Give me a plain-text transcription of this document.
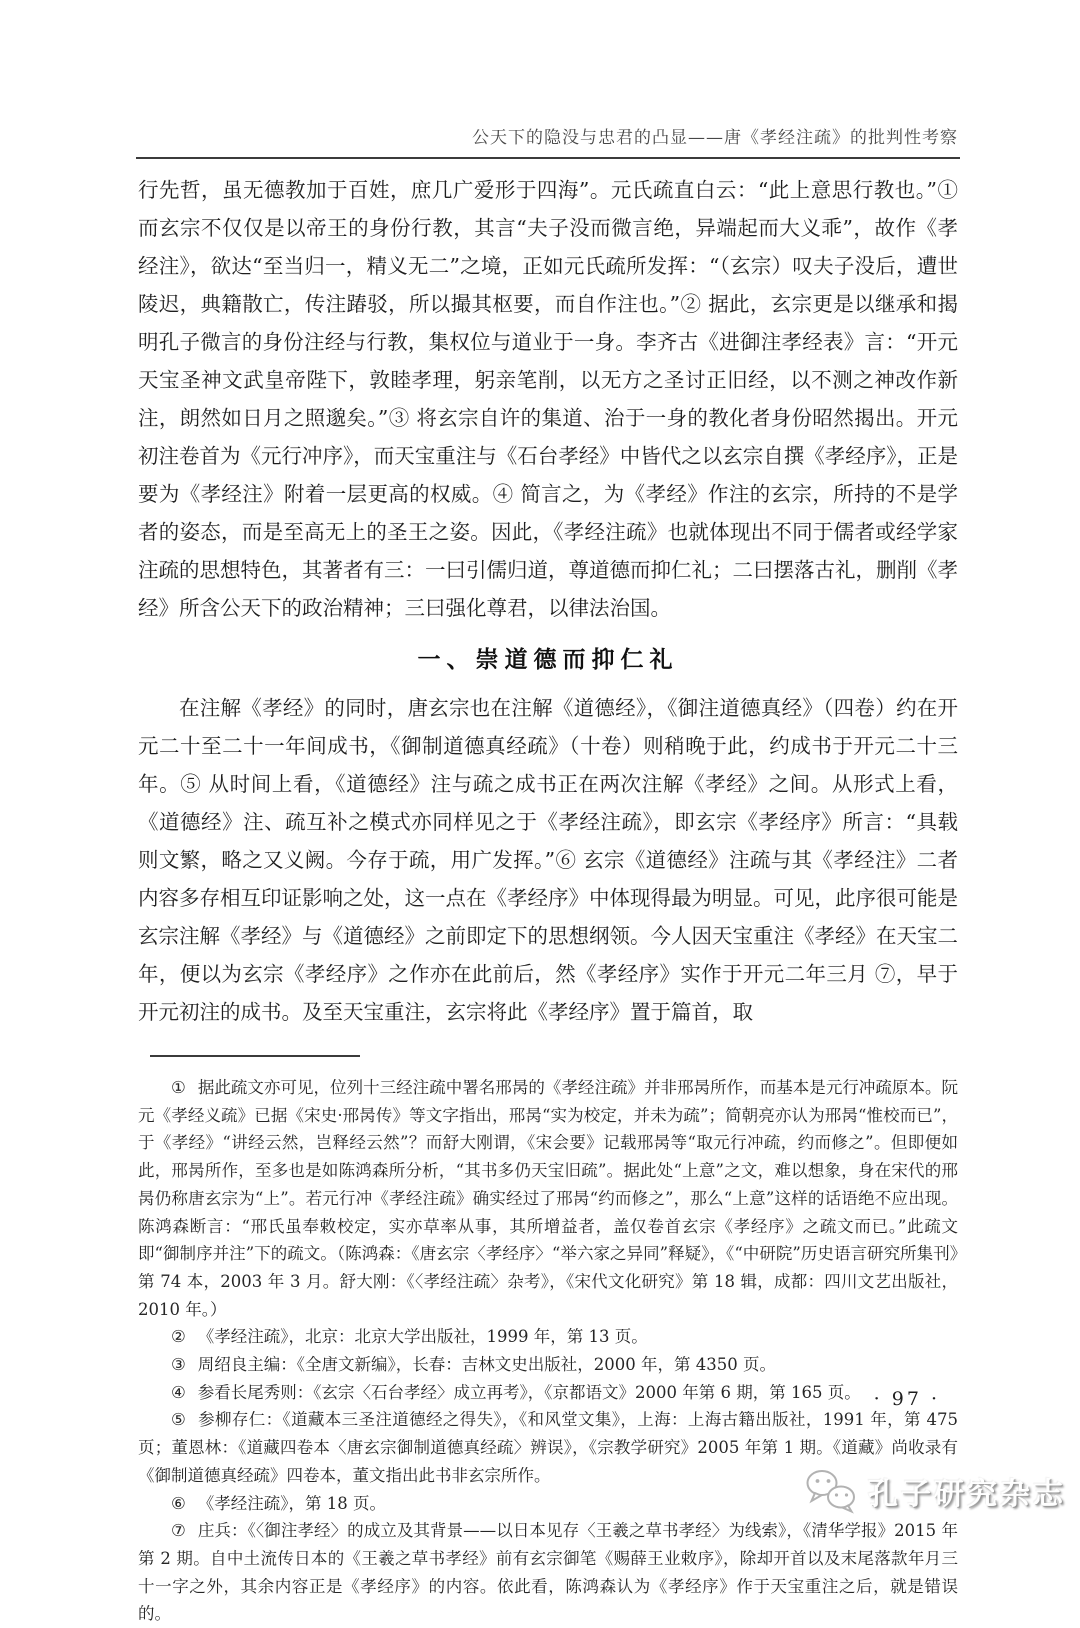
公天下的隐没与忠君的凸显——唐《孝经注疏》的批判性考察

行先哲，虽无德教加于百姓，庶几广爱形于四海”。元氏疏直白云：“此上意思行教也。”① 而玄宗不仅仅是以帝王的身份行教，其言“夫子没而微言绝，异端起而大义乖”，故作《孝经注》，欲达“至当归一，精义无二”之境，正如元氏疏所发挥：“（玄宗）叹夫子没后，遭世陵迟，典籍散亡，传注踳驳，所以撮其枢要，而自作注也。”② 据此，玄宗更是以继承和揭明孔子微言的身份注经与行教，集权位与道业于一身。李齐古《进御注孝经表》言：“开元天宝圣神文武皇帝陛下，敦睦孝理，躬亲笔削，以无方之圣讨正旧经，以不测之神改作新注，朗然如日月之照邈矣。”③ 将玄宗自许的集道、治于一身的教化者身份昭然揭出。开元初注卷首为《元行冲序》，而天宝重注与《石台孝经》中皆代之以玄宗自撰《孝经序》，正是要为《孝经注》附着一层更高的权威。④ 简言之，为《孝经》作注的玄宗，所持的不是学者的姿态，而是至高无上的圣王之姿。因此，《孝经注疏》也就体现出不同于儒者或经学家注疏的思想特色，其著者有三：一曰引儒归道，尊道德而抑仁礼；二曰摆落古礼，删削《孝经》所含公天下的政治精神；三曰强化尊君，以律法治国。

一、崇道德而抑仁礼

在注解《孝经》的同时，唐玄宗也在注解《道德经》，《御注道德真经》（四卷）约在开元二十至二十一年间成书，《御制道德真经疏》（十卷）则稍晚于此，约成书于开元二十三年。⑤ 从时间上看，《道德经》注与疏之成书正在两次注解《孝经》之间。从形式上看，《道德经》注、疏互补之模式亦同样见之于《孝经注疏》，即玄宗《孝经序》所言：“具载则文繁，略之又义阙。今存于疏，用广发挥。”⑥ 玄宗《道德经》注疏与其《孝经注》二者内容多存相互印证影响之处，这一点在《孝经序》中体现得最为明显。可见，此序很可能是玄宗注解《孝经》与《道德经》之前即定下的思想纲领。今人因天宝重注《孝经》在天宝二年，便以为玄宗《孝经序》之作亦在此前后，然《孝经序》实作于开元二年三月 ⑦，早于开元初注的成书。及至天宝重注，玄宗将此《孝经序》置于篇首，取

① 据此疏文亦可见，位列十三经注疏中署名邢昺的《孝经注疏》并非邢昺所作，而基本是元行冲疏原本。阮元《孝经义疏》已据《宋史·邢昺传》等文字指出，邢昺“实为校定，并未为疏”；简朝亮亦认为邢昺“惟校而已”，于《孝经》“讲经云然，岂释经云然”？而舒大刚谓，《宋会要》记载邢昺等“取元行冲疏，约而修之”。但即便如此，邢昺所作，至多也是如陈鸿森所分析，“其书多仍天宝旧疏”。据此处“上意”之文，难以想象，身在宋代的邢昺仍称唐玄宗为“上”。若元行冲《孝经注疏》确实经过了邢昺“约而修之”，那么“上意”这样的话语绝不应出现。陈鸿森断言：“邢氏虽奉敕校定，实亦草率从事，其所增益者，盖仅卷首玄宗《孝经序》之疏文而已。”此疏文即“御制序并注”下的疏文。（陈鸿森：《唐玄宗〈孝经序〉“举六家之异同”释疑》，《“中研院”历史语言研究所集刊》第 74 本，2003 年 3 月。舒大刚：《〈孝经注疏〉杂考》，《宋代文化研究》第 18 辑，成都：四川文艺出版社，2010 年。）

② 《孝经注疏》，北京：北京大学出版社，1999 年，第 13 页。

③ 周绍良主编：《全唐文新编》，长春：吉林文史出版社，2000 年，第 4350 页。

④ 参看长尾秀则：《玄宗〈石台孝经〉成立再考》，《京都语文》2000 年第 6 期，第 165 页。

⑤ 参柳存仁：《道藏本三圣注道德经之得失》，《和风堂文集》，上海：上海古籍出版社，1991 年，第 475 页；董恩林：《道藏四卷本〈唐玄宗御制道德真经疏〉辨误》，《宗教学研究》2005 年第 1 期。《道藏》尚收录有《御制道德真经疏》四卷本，董文指出此书非玄宗所作。

⑥ 《孝经注疏》，第 18 页。

⑦ 庄兵：《〈御注孝经〉的成立及其背景——以日本见存〈王羲之草书孝经〉为线索》，《清华学报》2015 年第 2 期。自中土流传日本的《王羲之草书孝经》前有玄宗御笔《赐薛王业敕序》，除却开首以及末尾落款年月三十一字之外，其余内容正是《孝经序》的内容。依此看，陈鸿森认为《孝经序》作于天宝重注之后，就是错误的。

· 97 ·
孔子研究杂志
